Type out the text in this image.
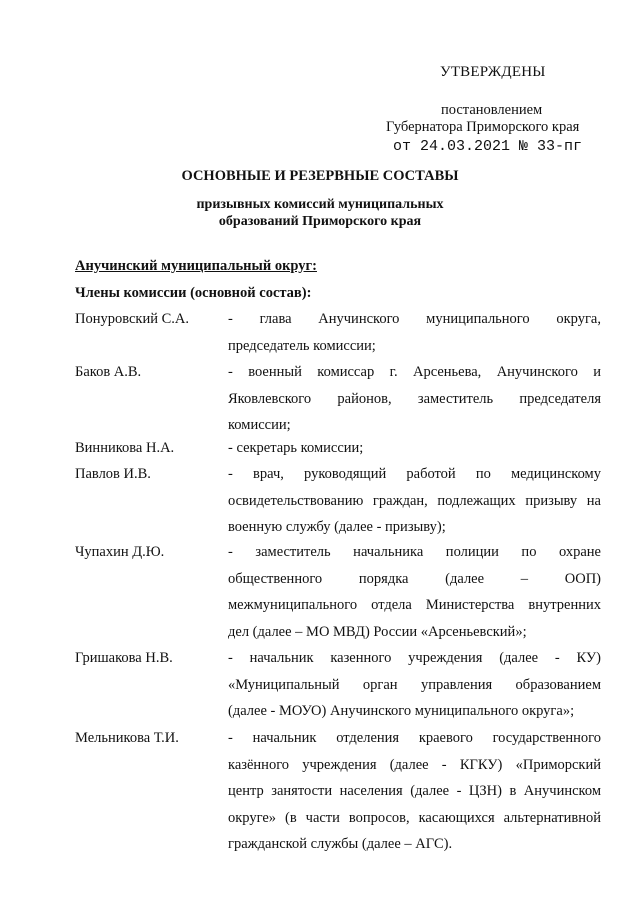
УТВЕРЖДЕНЫ
постановлением
Губернатора Приморского края
от 24.03.2021 № 33-пг
ОСНОВНЫЕ И РЕЗЕРВНЫЕ СОСТАВЫ
призывных комиссий муниципальных
образований Приморского края
Анучинский муниципальный округ:
Члены комиссии (основной состав):
Понуровский С.А.	- глава Анучинского муниципального округа,
председатель комиссии;
Баков А.В.	- военный комиссар г. Арсеньева, Анучинского и
Яковлевского районов, заместитель председателя
комиссии;
Винникова Н.А.	- секретарь комиссии;
Павлов И.В.	- врач, руководящий работой по медицинскому
освидетельствованию граждан, подлежащих призыву на
военную службу (далее - призыву);
Чупахин Д.Ю.	- заместитель начальника полиции по охране
общественного порядка (далее – ООП)
межмуниципального отдела Министерства внутренних
дел (далее – МО МВД) России «Арсеньевский»;
Гришакова Н.В.	- начальник казенного учреждения (далее - КУ)
«Муниципальный орган управления образованием
(далее - МОУО) Анучинского муниципального округа»;
Мельникова Т.И.	- начальник отделения краевого государственного
казённого учреждения (далее - КГКУ) «Приморский
центр занятости населения (далее - ЦЗН) в Анучинском
округе» (в части вопросов, касающихся альтернативной
гражданской службы (далее – АГС).
